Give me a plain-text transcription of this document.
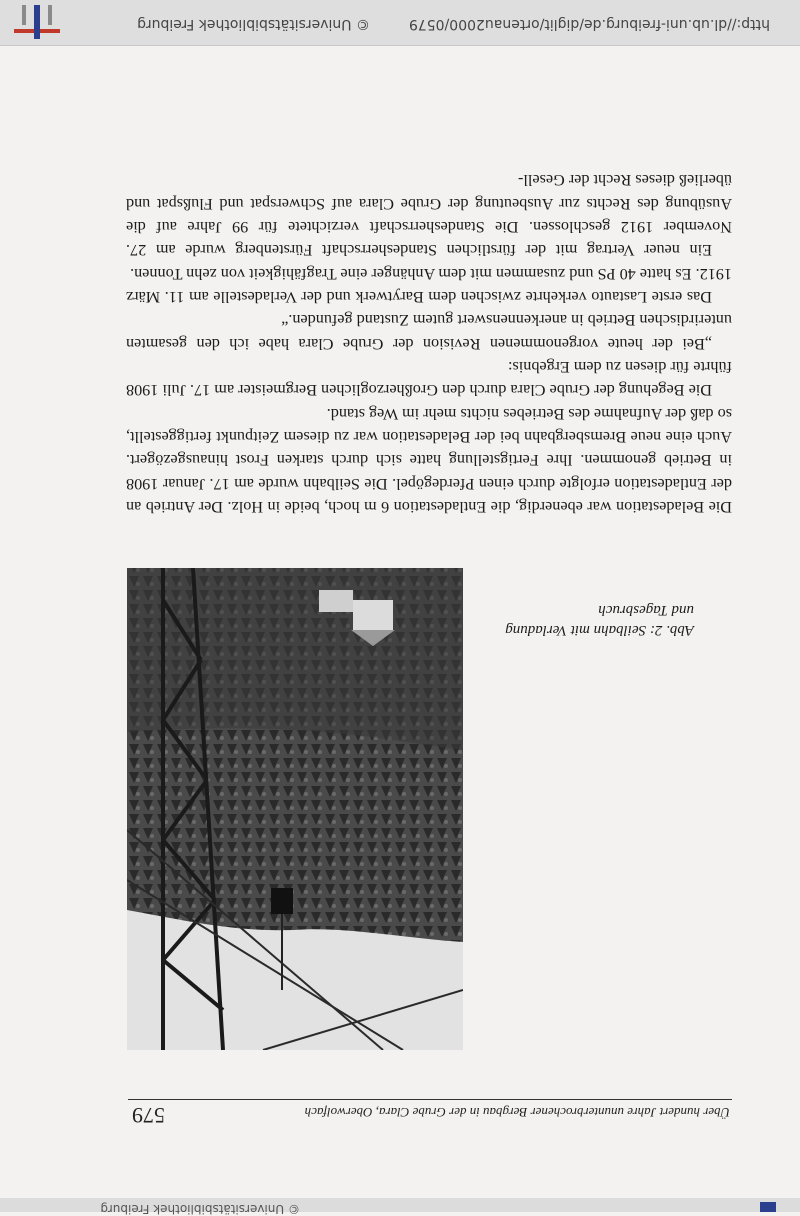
© Universitätsbibliothek Freiburg
Über hundert Jahre ununterbrochener Bergbau in der Grube Clara, Oberwolfach
579
Abb. 2: Seilbahn mit Verladung
und Tagesbruch

Die Beladestation war ebenerdig, die Entladestation 6 m hoch, beide in Holz. Der Antrieb an der Entladestation erfolgte durch einen Pferdegöpel. Die Seilbahn wurde am 17. Januar 1908 in Betrieb genommen. Ihre Fertigstellung hatte sich durch starken Frost hinausgezögert. Auch eine neue Bremsbergbahn bei der Beladestation war zu diesem Zeitpunkt fertiggestellt, so daß der Aufnahme des Betriebes nichts mehr im Weg stand.

Die Begehung der Grube Clara durch den Großherzoglichen Bergmeister am 17. Juli 1908 führte für diesen zu dem Ergebnis:

„Bei der heute vorgenommenen Revision der Grube Clara habe ich den gesamten unterirdischen Betrieb in anerkennenswert gutem Zustand gefunden.“

Das erste Lastauto verkehrte zwischen dem Barytwerk und der Verladestelle am 11. März 1912. Es hatte 40 PS und zusammen mit dem Anhänger eine Tragfähigkeit von zehn Tonnen.

Ein neuer Vertrag mit der fürstlichen Standesherrschaft Fürstenberg wurde am 27. November 1912 geschlossen. Die Standesherrschaft verzichtete für 99 Jahre auf die Ausübung des Rechts zur Ausbeutung der Grube Clara auf Schwerspat und Flußspat und überließ dieses Recht der Gesell-

http://dl.ub.uni-freiburg.de/diglit/ortenau2000/0579
© Universitätsbibliothek Freiburg
